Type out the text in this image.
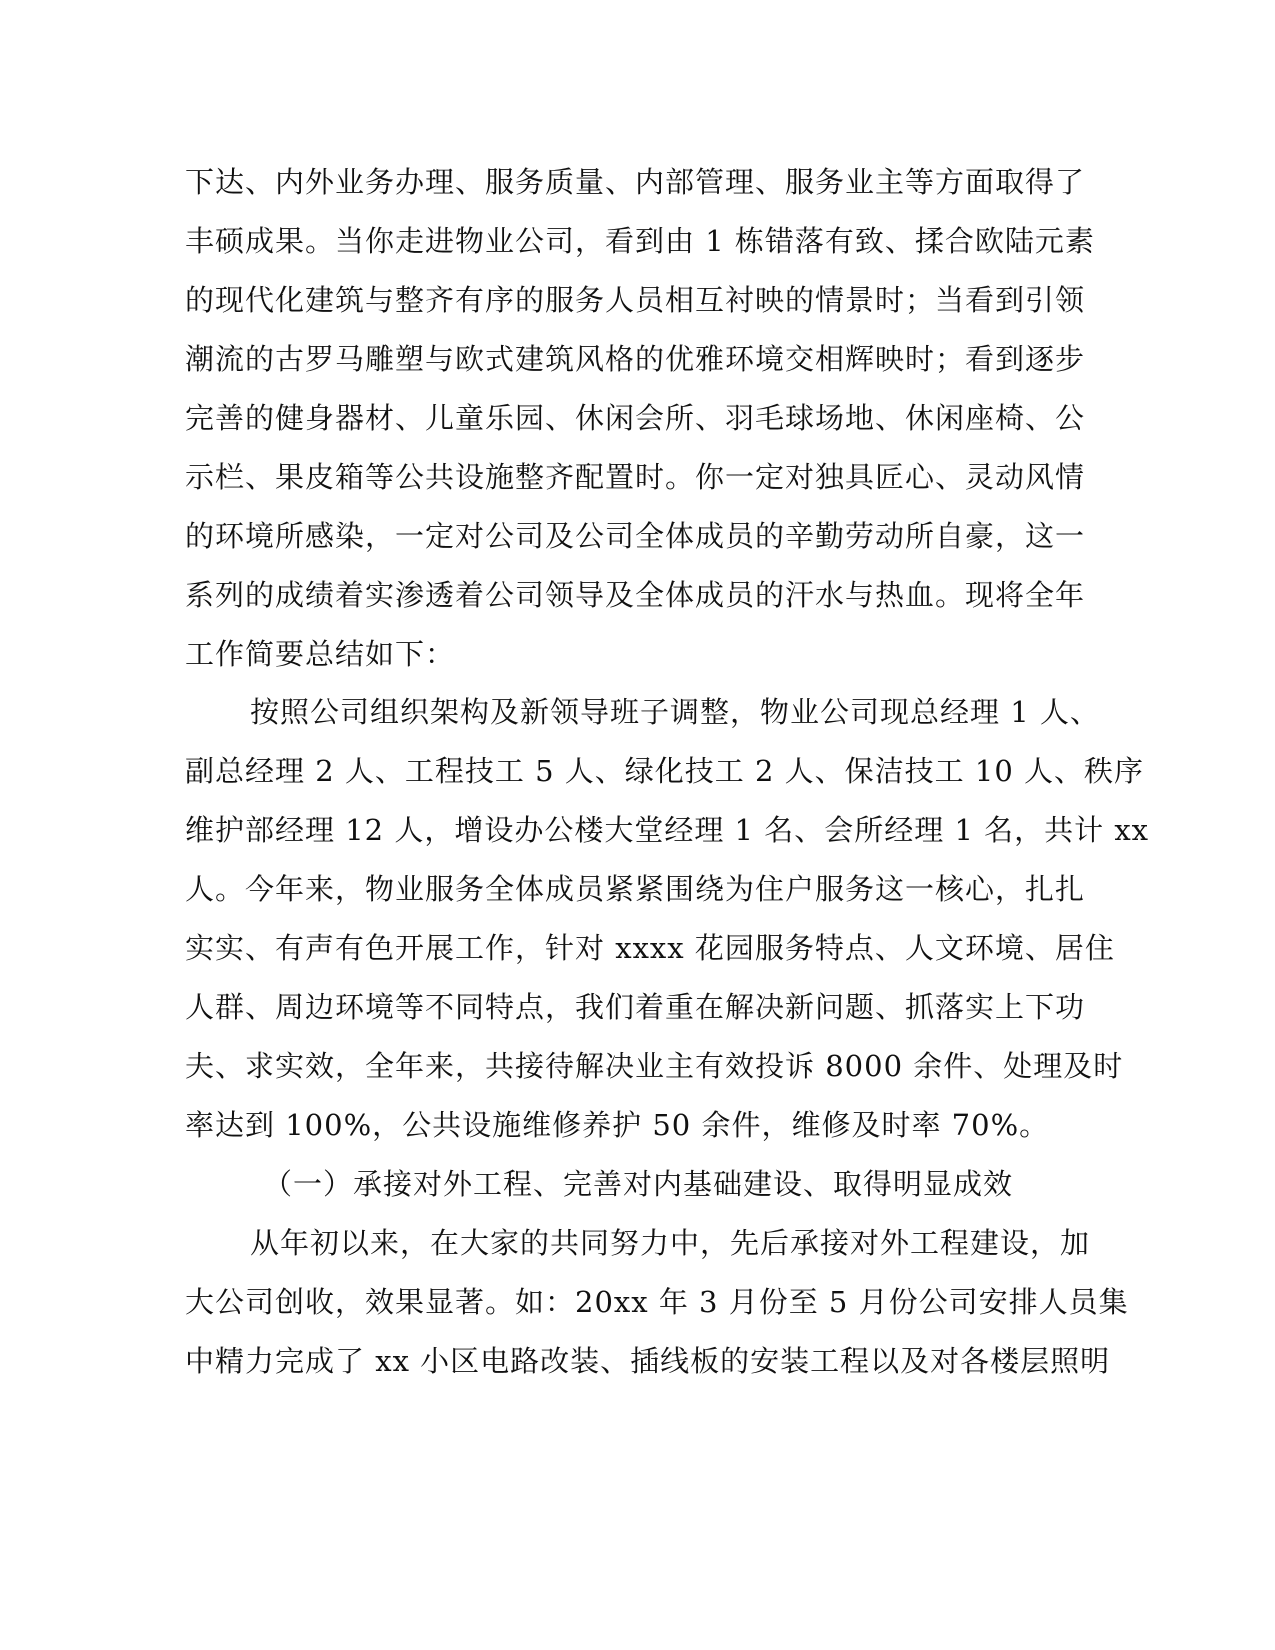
下达、内外业务办理、服务质量、内部管理、服务业主等方面取得了
丰硕成果。当你走进物业公司，看到由 1 栋错落有致、揉合欧陆元素
的现代化建筑与整齐有序的服务人员相互衬映的情景时；当看到引领
潮流的古罗马雕塑与欧式建筑风格的优雅环境交相辉映时；看到逐步
完善的健身器材、儿童乐园、休闲会所、羽毛球场地、休闲座椅、公
示栏、果皮箱等公共设施整齐配置时。你一定对独具匠心、灵动风情
的环境所感染，一定对公司及公司全体成员的辛勤劳动所自豪，这一
系列的成绩着实渗透着公司领导及全体成员的汗水与热血。现将全年
工作简要总结如下：
按照公司组织架构及新领导班子调整，物业公司现总经理 1 人、
副总经理 2 人、工程技工 5 人、绿化技工 2 人、保洁技工 10 人、秩序
维护部经理 12 人，增设办公楼大堂经理 1 名、会所经理 1 名，共计 xx
人。今年来，物业服务全体成员紧紧围绕为住户服务这一核心，扎扎
实实、有声有色开展工作，针对 xxxx 花园服务特点、人文环境、居住
人群、周边环境等不同特点，我们着重在解决新问题、抓落实上下功
夫、求实效，全年来，共接待解决业主有效投诉 8000 余件、处理及时
率达到 100%，公共设施维修养护 50 余件，维修及时率 70%。
（一）承接对外工程、完善对内基础建设、取得明显成效
从年初以来，在大家的共同努力中，先后承接对外工程建设，加
大公司创收，效果显著。如：20xx 年 3 月份至 5 月份公司安排人员集
中精力完成了 xx 小区电路改装、插线板的安装工程以及对各楼层照明
